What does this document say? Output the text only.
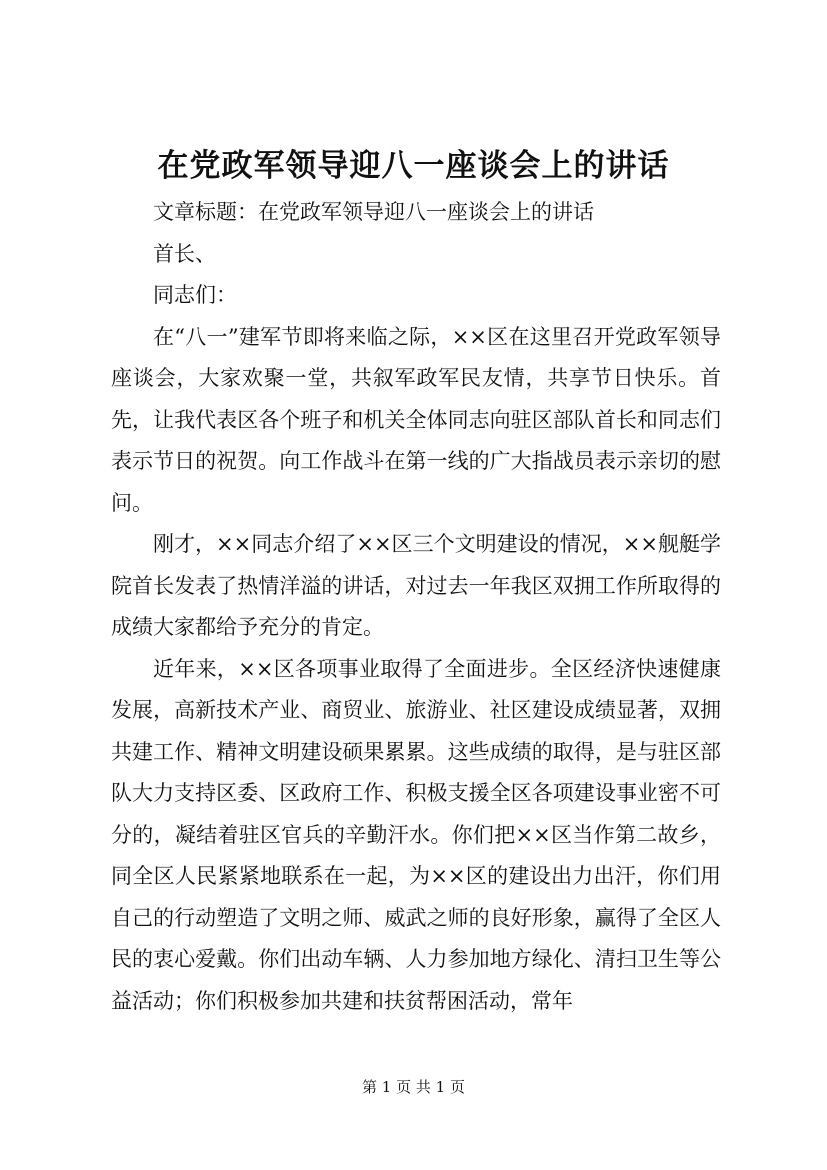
在党政军领导迎八一座谈会上的讲话

文章标题：在党政军领导迎八一座谈会上的讲话

首长、

同志们：

在“八一”建军节即将来临之际，××区在这里召开党政军领导座谈会，大家欢聚一堂，共叙军政军民友情，共享节日快乐。首先，让我代表区各个班子和机关全体同志向驻区部队首长和同志们表示节日的祝贺。向工作战斗在第一线的广大指战员表示亲切的慰问。

刚才，××同志介绍了××区三个文明建设的情况，××舰艇学院首长发表了热情洋溢的讲话，对过去一年我区双拥工作所取得的成绩大家都给予充分的肯定。

近年来，××区各项事业取得了全面进步。全区经济快速健康发展，高新技术产业、商贸业、旅游业、社区建设成绩显著，双拥共建工作、精神文明建设硕果累累。这些成绩的取得，是与驻区部队大力支持区委、区政府工作、积极支援全区各项建设事业密不可分的，凝结着驻区官兵的辛勤汗水。你们把××区当作第二故乡，同全区人民紧紧地联系在一起，为××区的建设出力出汗，你们用自己的行动塑造了文明之师、威武之师的良好形象，赢得了全区人民的衷心爱戴。你们出动车辆、人力参加地方绿化、清扫卫生等公益活动；你们积极参加共建和扶贫帮困活动，常年

第 1 页 共 1 页
